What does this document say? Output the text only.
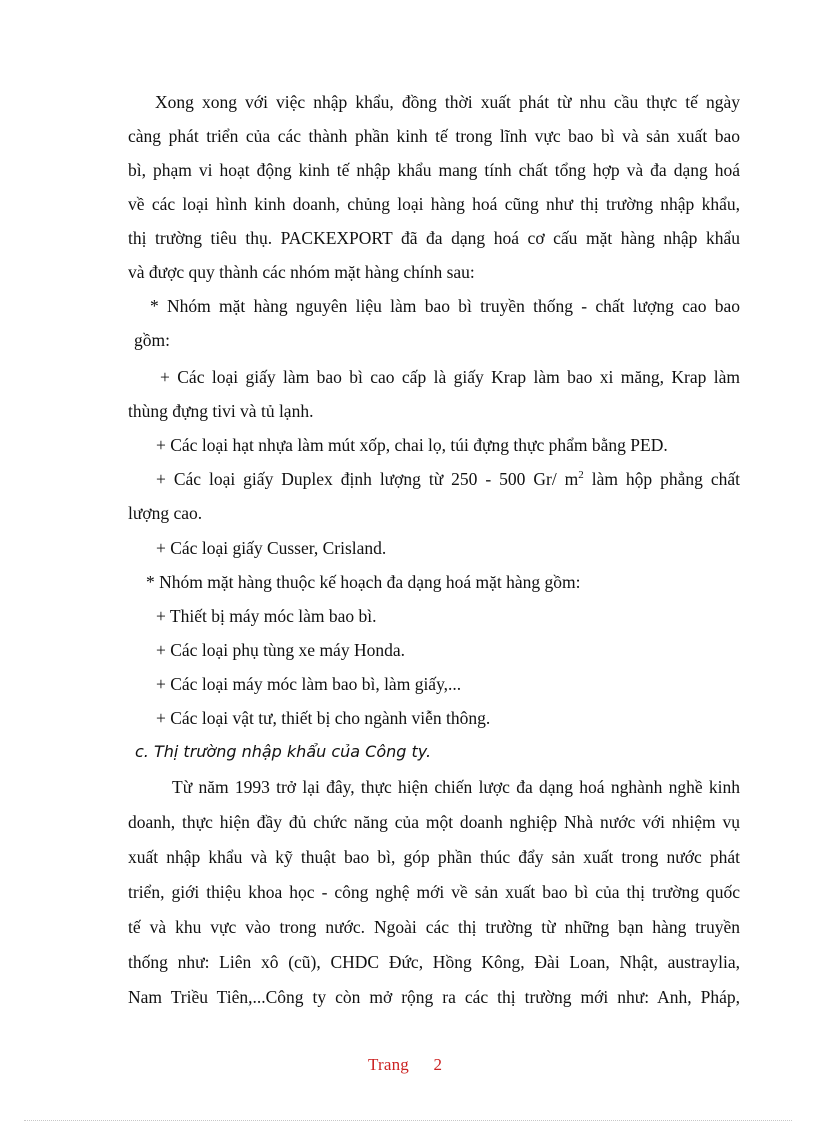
Xong xong với việc nhập khẩu, đồng thời xuất phát từ nhu cầu thực tế ngày
càng phát triển của các thành phần kinh tế trong lĩnh vực bao bì và sản xuất bao
bì, phạm vi hoạt động kinh tế nhập khẩu mang tính chất tổng hợp và đa dạng hoá
về các loại hình kinh doanh, chủng loại hàng hoá cũng như thị trường nhập khẩu,
thị trường tiêu thụ. PACKEXPORT đã đa dạng hoá cơ cấu mặt hàng nhập khẩu
và được quy thành các nhóm mặt hàng chính sau:
* Nhóm mặt hàng nguyên liệu làm bao bì truyền thống - chất lượng cao bao
gồm:
+ Các loại giấy làm bao bì cao cấp là giấy Krap làm bao xi măng, Krap làm
thùng đựng tivi và tủ lạnh.
+ Các loại hạt nhựa làm mút xốp, chai lọ, túi đựng thực phẩm bằng PED.
+ Các loại giấy Duplex định lượng từ 250 - 500 Gr/ $m^2$ làm hộp phẳng chất
lượng cao.
+ Các loại giấy Cusser, Crisland.
* Nhóm mặt hàng thuộc kế hoạch đa dạng hoá mặt hàng gồm:
+ Thiết bị máy móc làm bao bì.
+ Các loại phụ tùng xe máy Honda.
+ Các loại máy móc làm bao bì, làm giấy,...
+ Các loại vật tư, thiết bị cho ngành viễn thông.
c. Thị trường nhập khẩu của Công ty.
Từ năm 1993 trở lại đây, thực hiện chiến lược đa dạng hoá nghành nghề kinh
doanh, thực hiện đầy đủ chức năng của một doanh nghiệp Nhà nước với nhiệm vụ
xuất nhập khẩu và kỹ thuật bao bì, góp phần thúc đẩy sản xuất trong nước phát
triển, giới thiệu khoa học - công nghệ mới về sản xuất bao bì của thị trường quốc
tế và khu vực vào trong nước. Ngoài các thị trường từ những bạn hàng truyền
thống như: Liên xô (cũ), CHDC Đức, Hồng Kông, Đài Loan, Nhật, austraylia,
Nam Triều Tiên,...Công ty còn mở rộng ra các thị trường mới như: Anh, Pháp,
Trang 2
